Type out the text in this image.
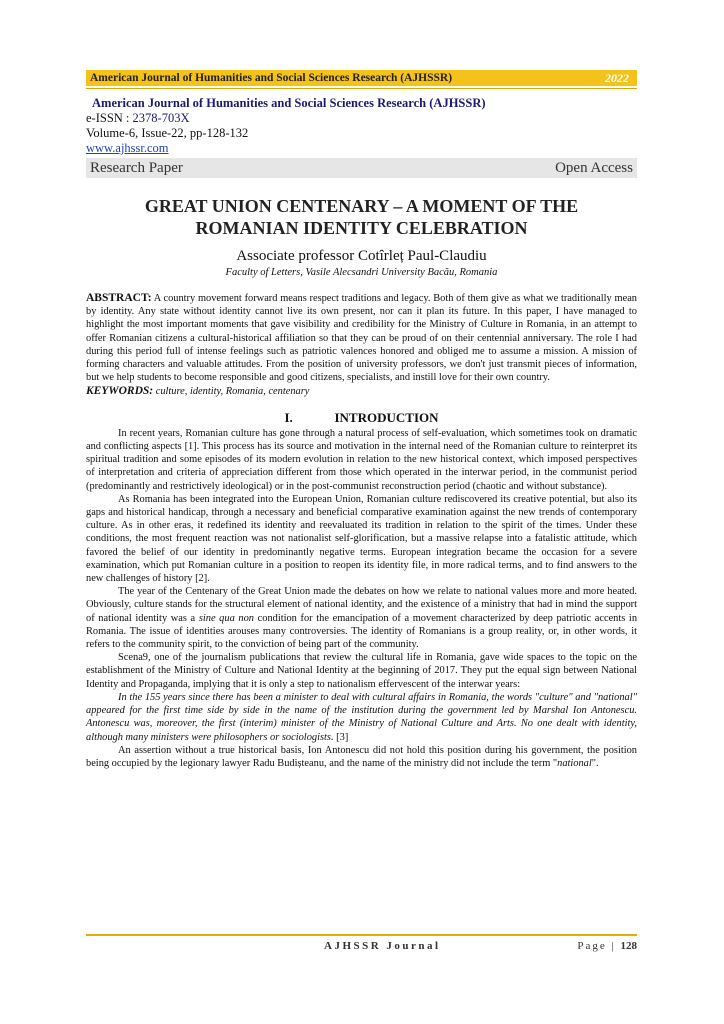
American Journal of Humanities and Social Sciences Research (AJHSSR)	2022
American Journal of Humanities and Social Sciences Research (AJHSSR)
e-ISSN : 2378-703X
Volume-6, Issue-22, pp-128-132
www.ajhssr.com
Research Paper	Open Access
GREAT UNION CENTENARY – A MOMENT OF THE
ROMANIAN IDENTITY CELEBRATION
Associate professor Cotîrleț Paul-Claudiu
Faculty of Letters, Vasile Alecsandri University Bacău, Romania

ABSTRACT: A country movement forward means respect traditions and legacy. Both of them give as what we traditionally mean by identity. Any state without identity cannot live its own present, nor can it plan its future. In this paper, I have managed to highlight the most important moments that gave visibility and credibility for the Ministry of Culture in Romania, in an attempt to offer Romanian citizens a cultural-historical affiliation so that they can be proud of on their centennial anniversary. The role I had during this period full of intense feelings such as patriotic valences honored and obliged me to assume a mission. A mission of forming characters and valuable attitudes. From the position of university professors, we don't just transmit pieces of information, but we help students to become responsible and good citizens, specialists, and instill love for their own country.

KEYWORDS: culture, identity, Romania, centenary

I.	INTRODUCTION

In recent years, Romanian culture has gone through a natural process of self-evaluation, which sometimes took on dramatic and conflicting aspects [1]. This process has its source and motivation in the internal need of the Romanian culture to reinterpret its spiritual tradition and some episodes of its modern evolution in relation to the new historical context, which imposed perspectives of interpretation and criteria of appreciation different from those which operated in the interwar period, in the communist period (predominantly and restrictively ideological) or in the post-communist reconstruction period (chaotic and without substance).

As Romania has been integrated into the European Union, Romanian culture rediscovered its creative potential, but also its gaps and historical handicap, through a necessary and beneficial comparative examination against the new trends of contemporary culture. As in other eras, it redefined its identity and reevaluated its tradition in relation to the spirit of the times. Under these conditions, the most frequent reaction was not nationalist self-glorification, but a massive relapse into a fatalistic attitude, which favored the belief of our identity in predominantly negative terms. European integration became the occasion for a severe examination, which put Romanian culture in a position to reopen its identity file, in more radical terms, and to find answers to the new challenges of history [2].

The year of the Centenary of the Great Union made the debates on how we relate to national values more and more heated. Obviously, culture stands for the structural element of national identity, and the existence of a ministry that had in mind the support of national identity was a sine qua non condition for the emancipation of a movement characterized by deep patriotic accents in Romania. The issue of identities arouses many controversies. The identity of Romanians is a group reality, or, in other words, it refers to the community spirit, to the conviction of being part of the community.

Scena9, one of the journalism publications that review the cultural life in Romania, gave wide spaces to the topic on the establishment of the Ministry of Culture and National Identity at the beginning of 2017. They put the equal sign between National Identity and Propaganda, implying that it is only a step to nationalism effervescent of the interwar years:

In the 155 years since there has been a minister to deal with cultural affairs in Romania, the words "culture" and "national" appeared for the first time side by side in the name of the institution during the government led by Marshal Ion Antonescu. Antonescu was, moreover, the first (interim) minister of the Ministry of National Culture and Arts. No one dealt with identity, although many ministers were philosophers or sociologists. [3]

An assertion without a true historical basis, Ion Antonescu did not hold this position during his government, the position being occupied by the legionary lawyer Radu Budișteanu, and the name of the ministry did not include the term "national".

AJHSSR Journal	Page | 128
